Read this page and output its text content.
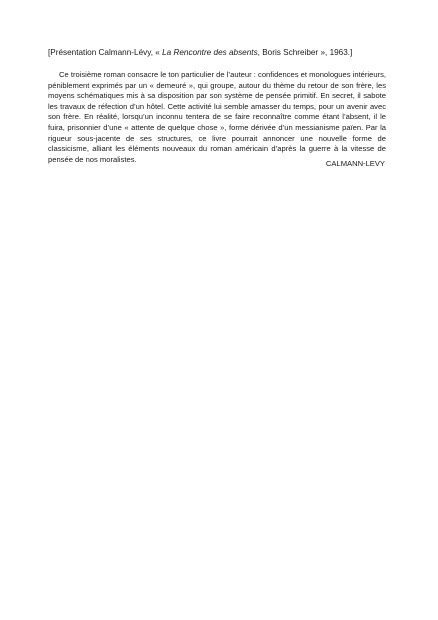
[Présentation Calmann-Lévy, « La Rencontre des absents, Boris Schreiber », 1963.]

Ce troisième roman consacre le ton particulier de l’auteur : confidences et monologues intérieurs, péniblement exprimés par un « demeuré », qui groupe, autour du thème du retour de son frère, les moyens schématiques mis à sa disposition par son système de pensée primitif. En secret, il sabote les travaux de réfection d’un hôtel. Cette activité lui semble amasser du temps, pour un avenir avec son frère. En réalité, lorsqu’un inconnu tentera de se faire reconnaître comme étant l’absent, il le fuira, prisonnier d’une « attente de quelque chose », forme dérivée d’un messianisme païen. Par la rigueur sous-jacente de ses structures, ce livre pourrait annoncer une nouvelle forme de classicisme, alliant les éléments nouveaux du roman américain d’après la guerre à la vitesse de pensée de nos moralistes.	CALMANN-LEVY
